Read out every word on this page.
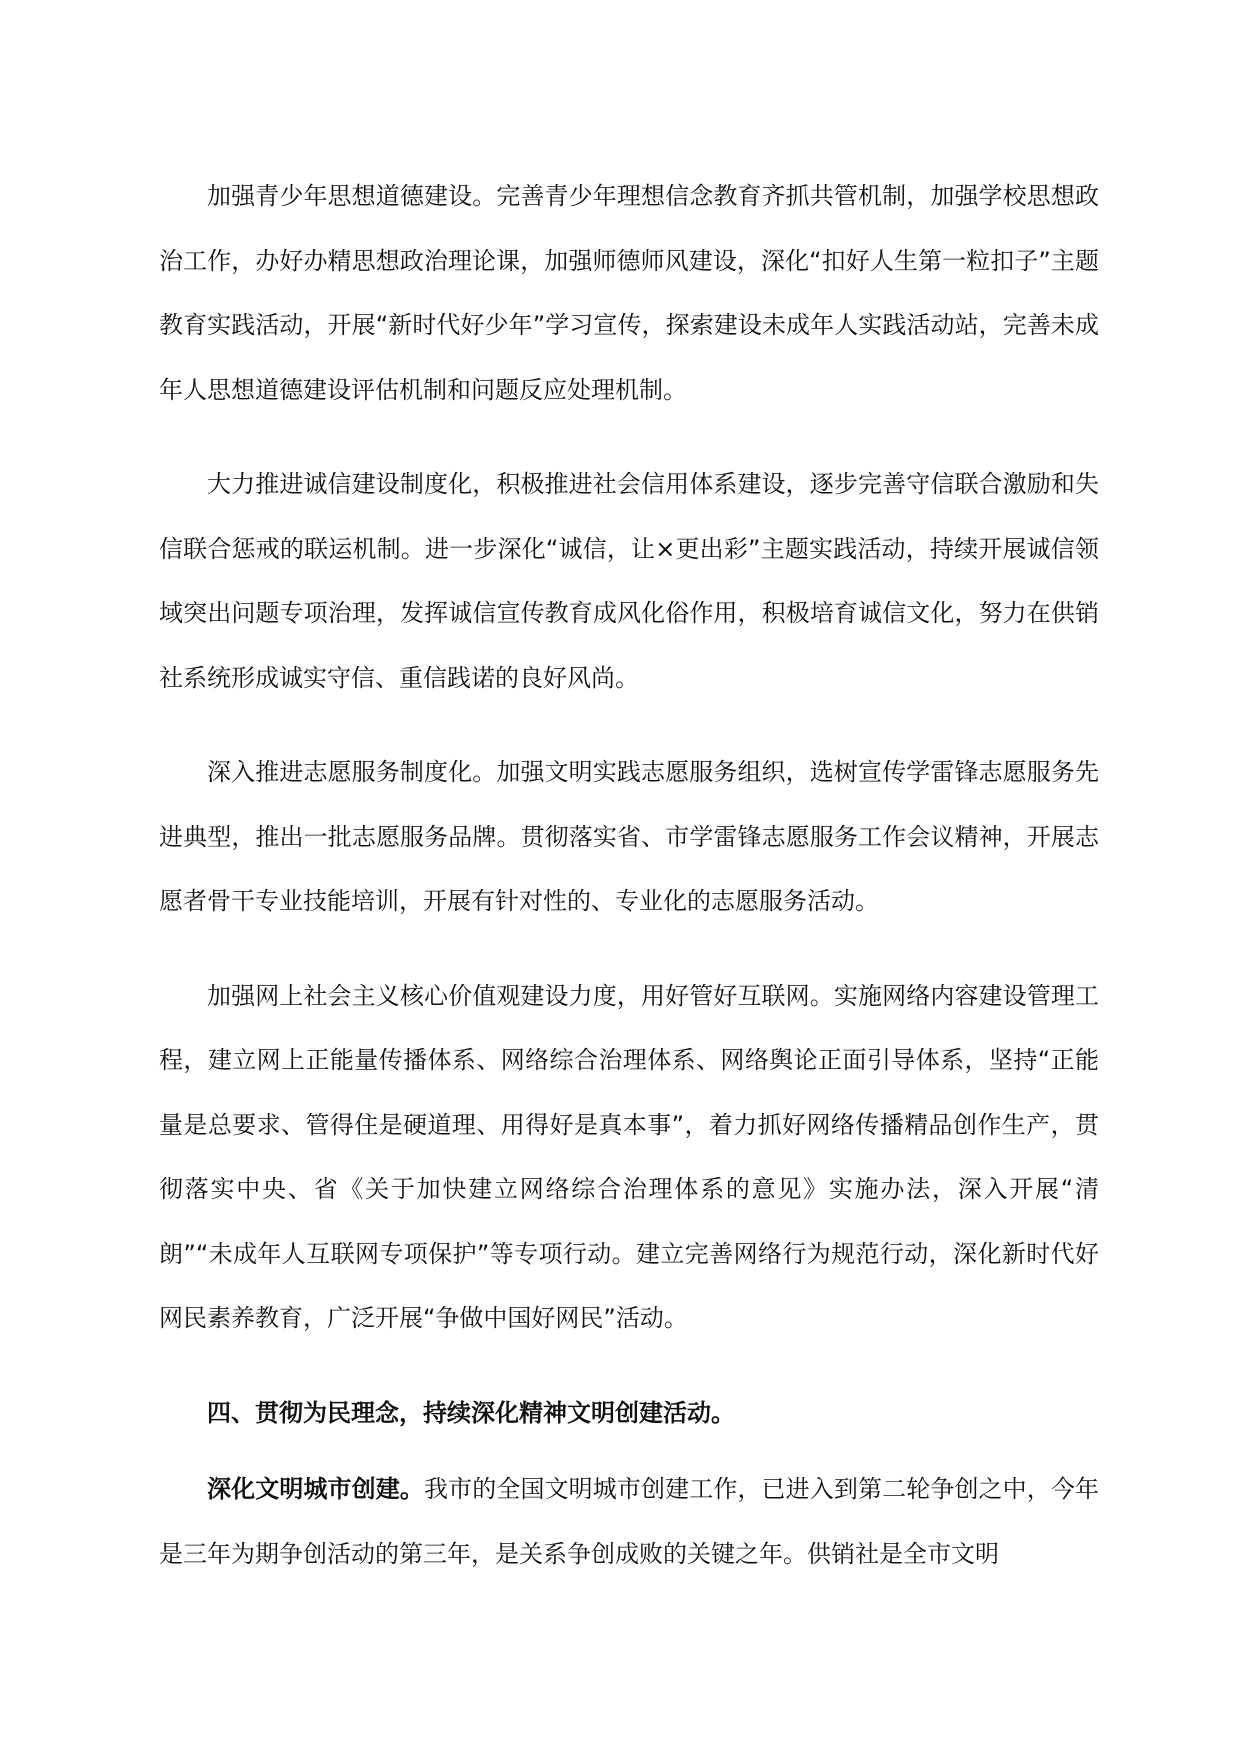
加强青少年思想道德建设。完善青少年理想信念教育齐抓共管机制，加强学校思想政治工作，办好办精思想政治理论课，加强师德师风建设，深化“扣好人生第一粒扣子”主题教育实践活动，开展“新时代好少年”学习宣传，探索建设未成年人实践活动站，完善未成年人思想道德建设评估机制和问题反应处理机制。

大力推进诚信建设制度化，积极推进社会信用体系建设，逐步完善守信联合激励和失信联合惩戒的联运机制。进一步深化“诚信，让×更出彩”主题实践活动，持续开展诚信领域突出问题专项治理，发挥诚信宣传教育成风化俗作用，积极培育诚信文化，努力在供销社系统形成诚实守信、重信践诺的良好风尚。

深入推进志愿服务制度化。加强文明实践志愿服务组织，选树宣传学雷锋志愿服务先进典型，推出一批志愿服务品牌。贯彻落实省、市学雷锋志愿服务工作会议精神，开展志愿者骨干专业技能培训，开展有针对性的、专业化的志愿服务活动。

加强网上社会主义核心价值观建设力度，用好管好互联网。实施网络内容建设管理工程，建立网上正能量传播体系、网络综合治理体系、网络舆论正面引导体系，坚持“正能量是总要求、管得住是硬道理、用得好是真本事”，着力抓好网络传播精品创作生产，贯彻落实中央、省《关于加快建立网络综合治理体系的意见》实施办法，深入开展“清朗”“未成年人互联网专项保护”等专项行动。建立完善网络行为规范行动，深化新时代好网民素养教育，广泛开展“争做中国好网民”活动。

四、贯彻为民理念，持续深化精神文明创建活动。

深化文明城市创建。我市的全国文明城市创建工作，已进入到第二轮争创之中，今年是三年为期争创活动的第三年，是关系争创成败的关键之年。供销社是全市文明
